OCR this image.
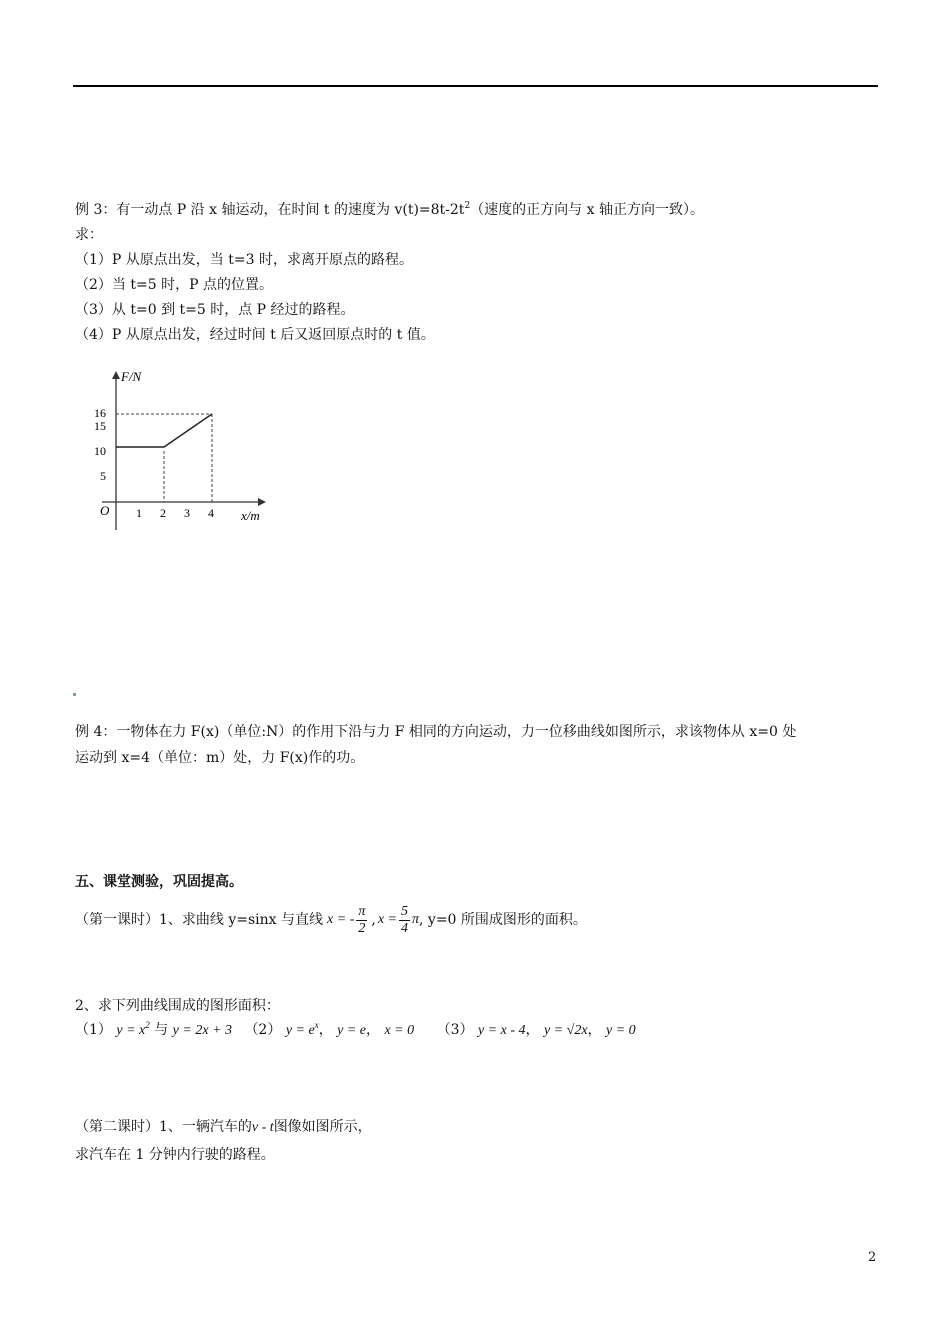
例 3：有一动点 P 沿 x 轴运动，在时间 t 的速度为 $v(t)=8t-2t^2$（速度的正方向与 x 轴正方向一致）。
求：
（1）P 从原点出发，当 t=3 时，求离开原点的路程。
（2）当 t=5 时，P 点的位置。
（3）从 t=0 到 t=5 时，点 P 经过的路程。
（4）P 从原点出发，经过时间 t 后又返回原点时的 t 值。
F/N
x/m
O
16
15
10
5
1 2 3 4
例 4：一物体在力 F(x)（单位:N）的作用下沿与力 F 相同的方向运动，力一位移曲线如图所示，求该物体从 x=0 处
运动到 x=4（单位：m）处，力 F(x)作的功。
五、课堂测验，巩固提高。
（第一课时）1、求曲线 y=sinx 与直线 x = - $\frac{\pi}{2}$ , $x = \frac{5}{4}$ π , y=0 所围成图形的面积。
2、求下列曲线围成的图形面积：
（1） $y = x^2$ 与 y = 2x + 3 （2） $y = e^x$， y = e， x = 0 （3） y = x - 4， y = √2x， y = 0
（第二课时）1、一辆汽车的v - t图像如图所示，
求汽车在 1 分钟内行驶的路程。
2
